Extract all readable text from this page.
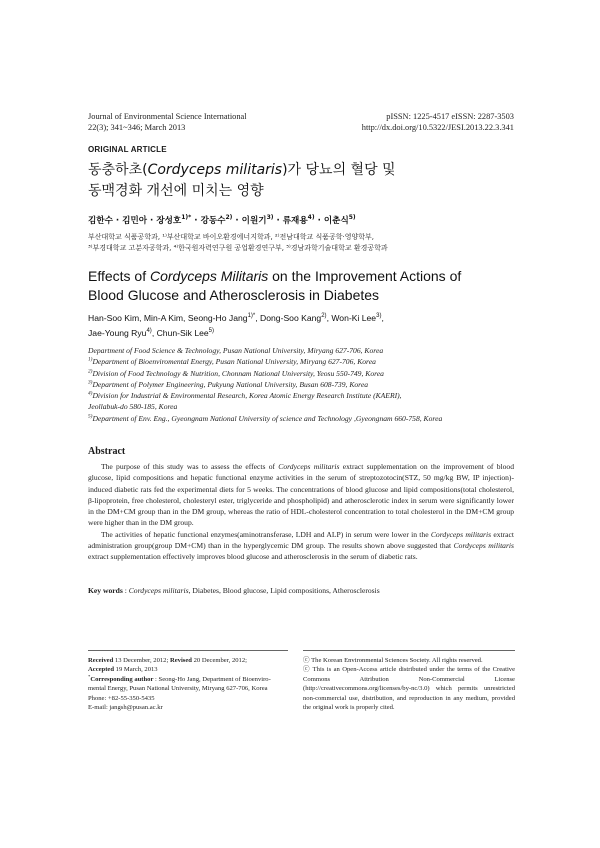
Journal of Environmental Science International
22(3); 341~346; March 2013
pISSN: 1225-4517 eISSN: 2287-3503
http://dx.doi.org/10.5322/JESI.2013.22.3.341
ORIGINAL ARTICLE
동충하초(Cordyceps militaris)가 당뇨의 혈당 및
동맥경화 개선에 미치는 영향
김한수 · 김민아 · 장성호$^{1)*}$ · 강동수$^{2)}$ · 이원기$^{3)}$ · 류재용$^{4)}$ · 이춘식$^{5)}$
부산대학교 식품공학과, ¹⁾부산대학교 바이오환경에너지학과, ²⁾전남대학교 식품공학·영양학부,
³⁾부경대학교 고분자공학과, ⁴⁾한국원자력연구원 공업환경연구부, ⁵⁾경남과학기술대학교 환경공학과
Effects of Cordyceps Militaris on the Improvement Actions of
Blood Glucose and Atherosclerosis in Diabetes
Han-Soo Kim, Min-A Kim, Seong-Ho Jang$^{1)*}$, Dong-Soo Kang$^{2)}$, Won-Ki Lee$^{3)}$,
Jae-Young Ryu$^{4)}$, Chun-Sik Lee$^{5)}$
Department of Food Science & Technology, Pusan National University, Miryang 627-706, Korea
$^{1)}$Department of Bioenviromental Energy, Pusan National University, Miryang 627-706, Korea
$^{2)}$Division of Food Technology & Nutrition, Chonnam National University, Yeosu 550-749, Korea
$^{3)}$Department of Polymer Engineering, Pukyung National University, Busan 608-739, Korea
$^{4)}$Division for Industrial & Environmental Research, Korea Atomic Energy Research Institute (KAERI),
Jeollabuk-do 580-185, Korea
$^{5)}$Department of Env. Eng., Gyeongnam National University of science and Technology ,Gyeongnam 660-758, Korea
Abstract

The purpose of this study was to assess the effects of Cordyceps militaris extract supplementation on the improvement of blood glucose, lipid compositions and hepatic functional enzyme activities in the serum of streptozotocin(STZ, 50 mg/kg BW, IP injection)-induced diabetic rats fed the experimental diets for 5 weeks. The concentrations of blood glucose and lipid compositions(total cholesterol, β-lipoprotein, free cholesterol, cholesteryl ester, triglyceride and phospholipid) and atherosclerotic index in serum were significantly lower in the DM+CM group than in the DM group, whereas the ratio of HDL-cholesterol concentration to total cholesterol in the DM+CM group were higher than in the DM group.

The activities of hepatic functional enzymes(aminotransferase, LDH and ALP) in serum were lower in the Cordyceps militaris extract administration group(group DM+CM) than in the hyperglycemic DM group. The results shown above suggested that Cordyceps militaris extract supplementation effectively improves blood glucose and atherosclerosis in the serum of diabetic rats.

Key words : Cordyceps militaris, Diabetes, Blood glucose, Lipid compositions, Atherosclerosis
Received 13 December, 2012; Revised 20 December, 2012;
Accepted 19 March, 2013
*Corresponding author : Seong-Ho Jang, Department of Bioenviro-
mental Energy, Pusan National University, Miryang 627-706, Korea
Phone: +82-55-350-5435
E-mail: jangsh@pusan.ac.kr
ⓒ The Korean Environmental Sciences Society. All rights reserved.
ⓒ This is an Open-Access article distributed under the terms of the Creative Commons Attribution Non-Commercial License (http://creativecommons.org/licenses/by-nc/3.0) which permits unrestricted non-commercial use, distribution, and reproduction in any medium, provided the original work is properly cited.
